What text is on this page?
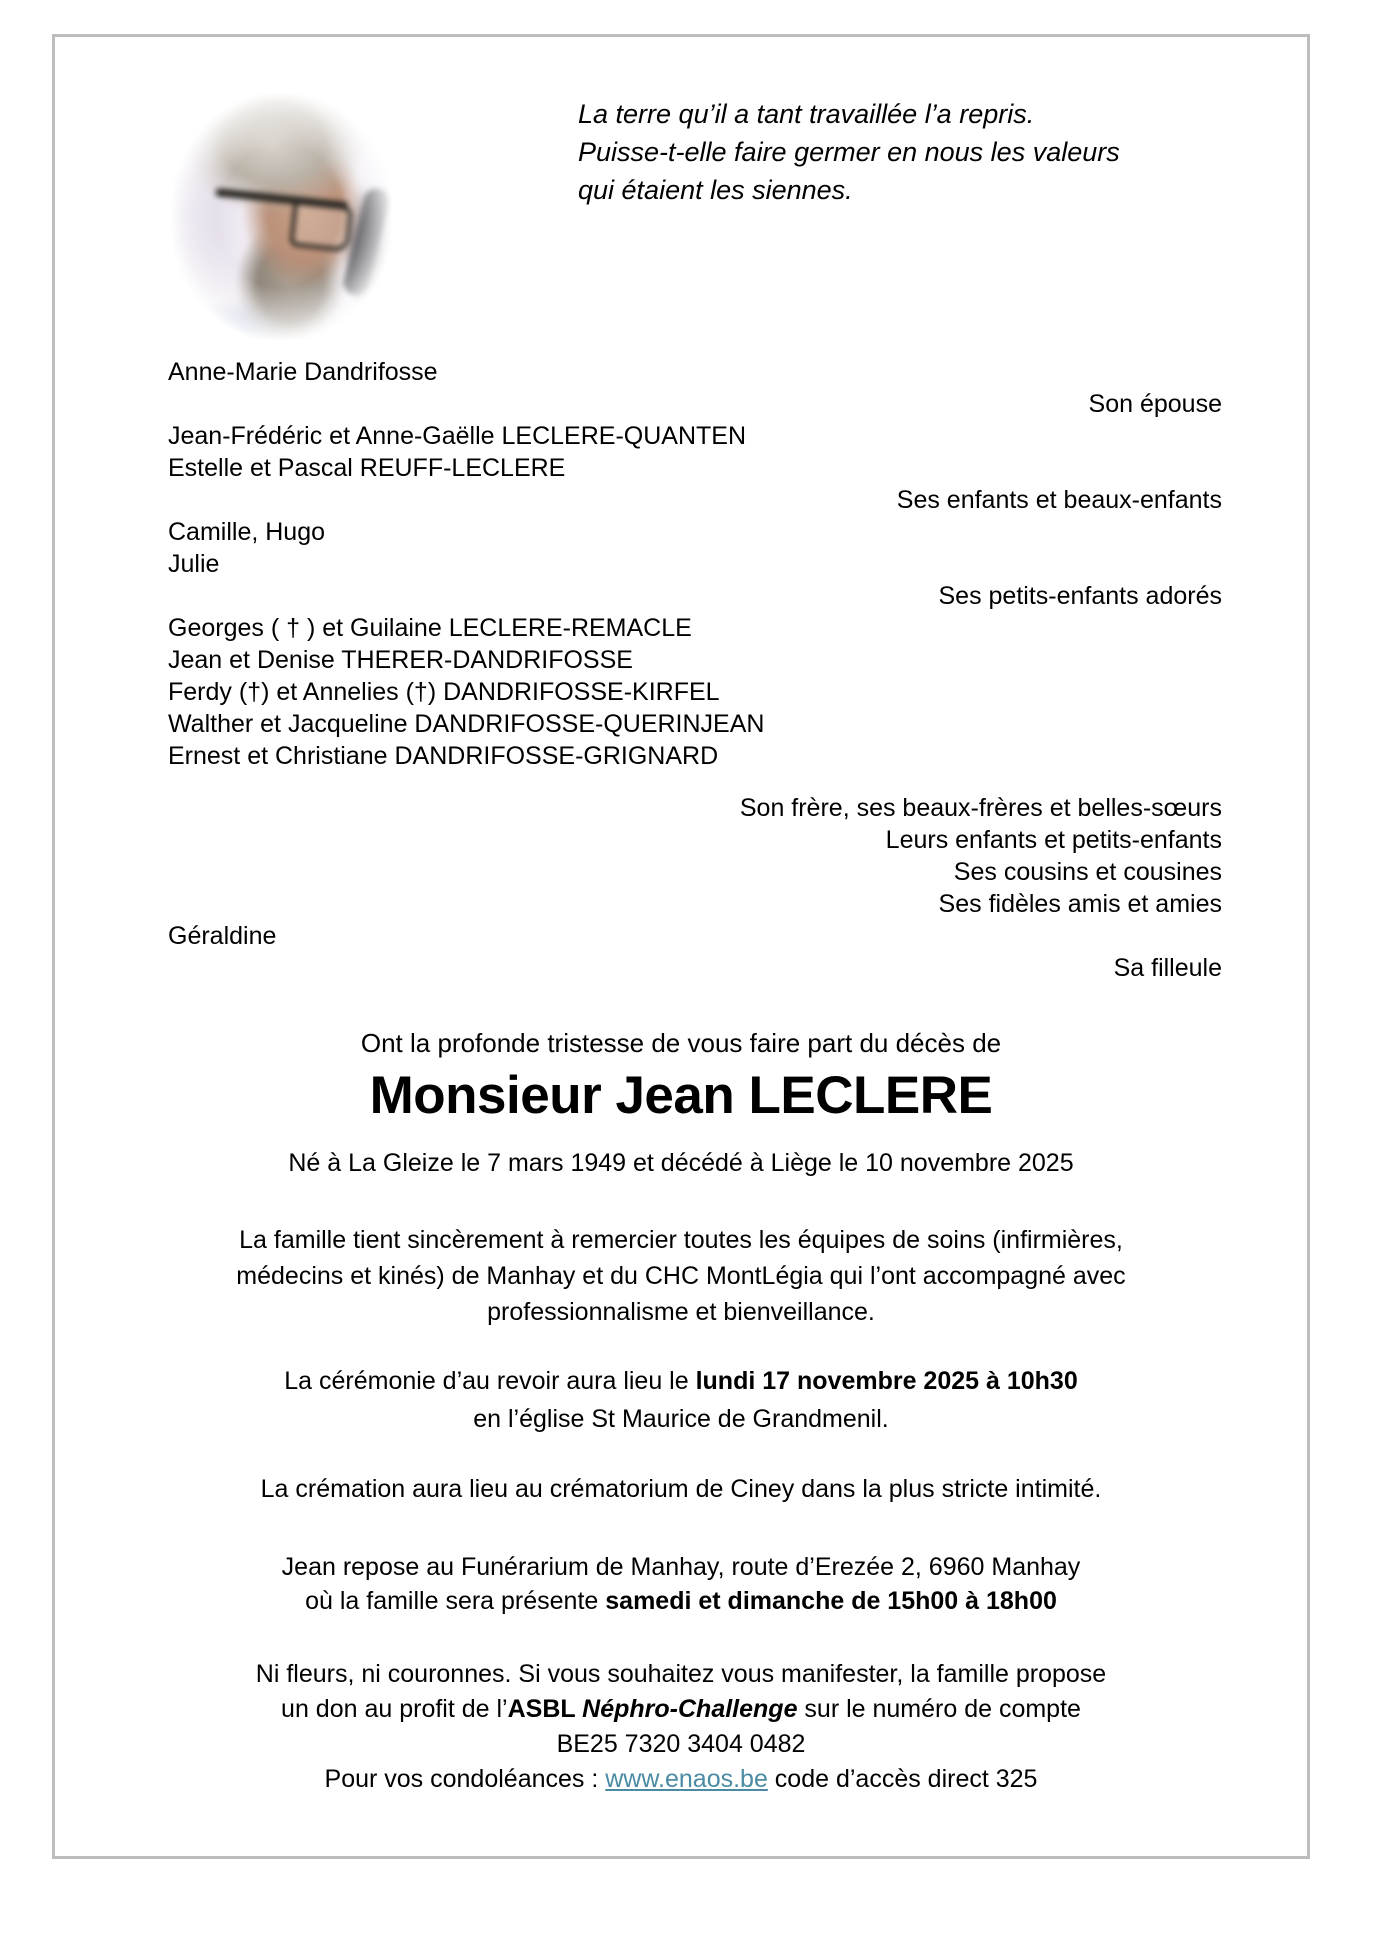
La terre qu’il a tant travaillée l’a repris.
Puisse-t-elle faire germer en nous les valeurs
qui étaient les siennes.
Anne-Marie Dandrifosse
Son épouse
Jean-Frédéric et Anne-Gaëlle LECLERE-QUANTEN
Estelle et Pascal REUFF-LECLERE
Ses enfants et beaux-enfants
Camille, Hugo
Julie
Ses petits-enfants adorés
Georges ( † ) et Guilaine LECLERE-REMACLE
Jean et Denise THERER-DANDRIFOSSE
Ferdy (†) et Annelies (†) DANDRIFOSSE-KIRFEL
Walther et Jacqueline DANDRIFOSSE-QUERINJEAN
Ernest et Christiane DANDRIFOSSE-GRIGNARD
Son frère, ses beaux-frères et belles-sœurs
Leurs enfants et petits-enfants
Ses cousins et cousines
Ses fidèles amis et amies
Géraldine
Sa filleule
Ont la profonde tristesse de vous faire part du décès de
Monsieur Jean LECLERE
Né à La Gleize le 7 mars 1949 et décédé à Liège le 10 novembre 2025
La famille tient sincèrement à remercier toutes les équipes de soins (infirmières,
médecins et kinés) de Manhay et du CHC MontLégia qui l’ont accompagné avec
professionnalisme et bienveillance.
La cérémonie d’au revoir aura lieu le lundi 17 novembre 2025 à 10h30
en l’église St Maurice de Grandmenil.
La crémation aura lieu au crématorium de Ciney dans la plus stricte intimité.
Jean repose au Funérarium de Manhay, route d’Erezée 2, 6960 Manhay
où la famille sera présente samedi et dimanche de 15h00 à 18h00
Ni fleurs, ni couronnes. Si vous souhaitez vous manifester, la famille propose
un don au profit de l’ASBL Néphro-Challenge sur le numéro de compte
BE25 7320 3404 0482
Pour vos condoléances : www.enaos.be code d’accès direct 325
